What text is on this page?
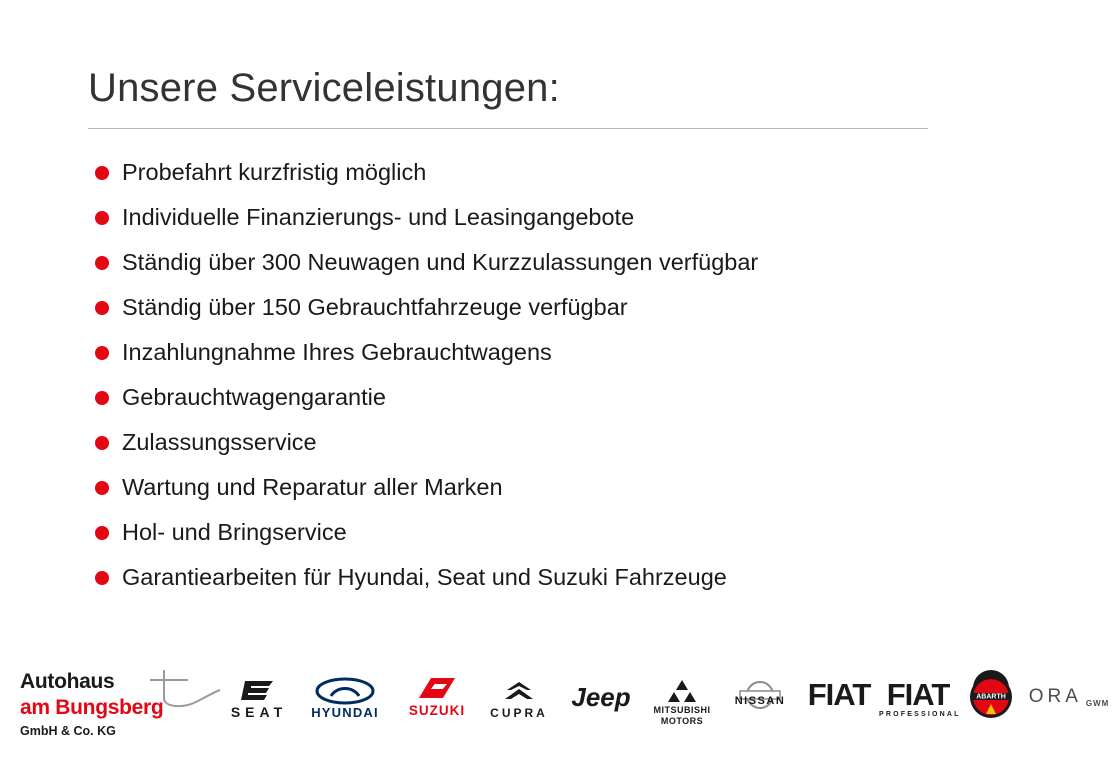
Unsere Serviceleistungen:
Probefahrt kurzfristig möglich
Individuelle Finanzierungs- und Leasingangebote
Ständig über 300 Neuwagen und Kurzzulassungen verfügbar
Ständig über 150 Gebrauchtfahrzeuge verfügbar
Inzahlungnahme Ihres Gebrauchtwagens
Gebrauchtwagengarantie
Zulassungsservice
Wartung und Reparatur aller Marken
Hol- und Bringservice
Garantiearbeiten für Hyundai, Seat und Suzuki Fahrzeuge
Autohaus
am Bungsberg
GmbH & Co. KG
SEAT	HYUNDAI	SUZUKI	CUPRA
Jeep	MITSUBISHI
MOTORS
NISSAN FIAT FIAT
PROFESSIONAL
ABARTH ORA GWM
